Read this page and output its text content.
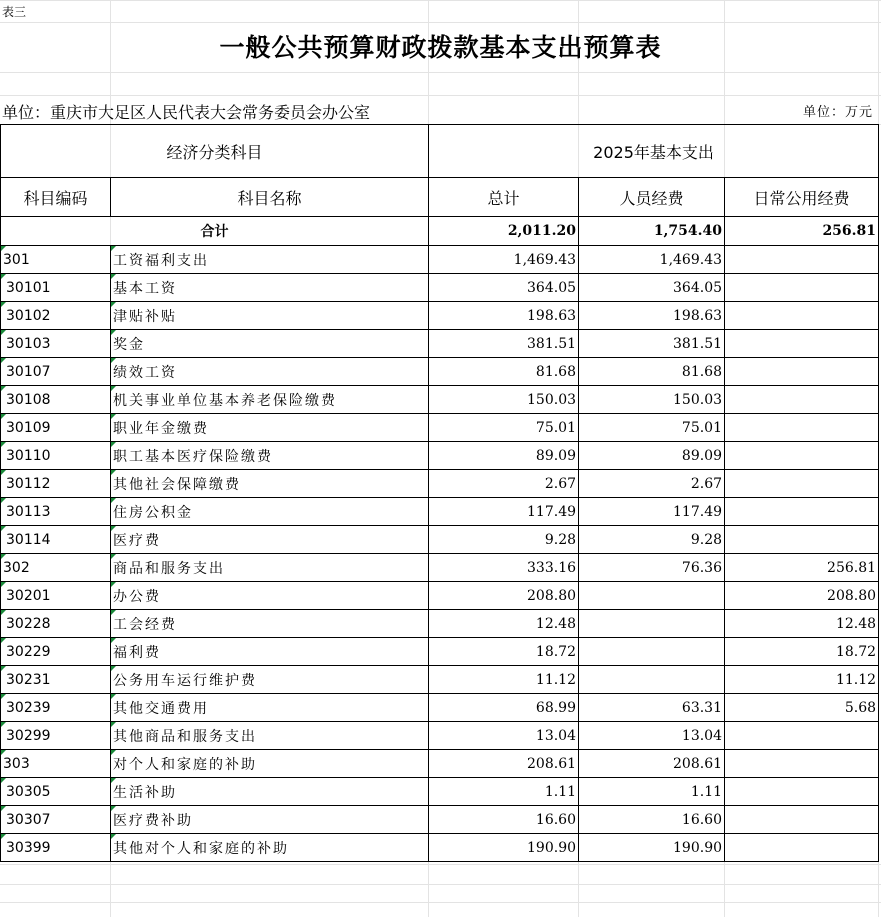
表三
一般公共预算财政拨款基本支出预算表
单位：重庆市大足区人民代表大会常务委员会办公室	单位：万元
经济分类科目		2025年基本支出		
科目编码	科目名称	总计	人员经费	日常公用经费
合计		2,011.20	1,754.40	256.81

301	工资福利支出	1,469.43	1,469.43	

30101	基本工资	364.05	364.05	

30102	津贴补贴	198.63	198.63	

30103	奖金	381.51	381.51	

30107	绩效工资	81.68	81.68	

30108	机关事业单位基本养老保险缴费	150.03	150.03	

30109	职业年金缴费	75.01	75.01	

30110	职工基本医疗保险缴费	89.09	89.09	

30112	其他社会保障缴费	2.67	2.67	

30113	住房公积金	117.49	117.49	

30114	医疗费	9.28	9.28	

302	商品和服务支出	333.16	76.36	256.81

30201	办公费	208.80		208.80

30228	工会经费	12.48		12.48

30229	福利费	18.72		18.72

30231	公务用车运行维护费	11.12		11.12

30239	其他交通费用	68.99	63.31	5.68

30299	其他商品和服务支出	13.04	13.04	

303	对个人和家庭的补助	208.61	208.61	

30305	生活补助	1.11	1.11	

30307	医疗费补助	16.60	16.60	

30399	其他对个人和家庭的补助	190.90	190.90	
